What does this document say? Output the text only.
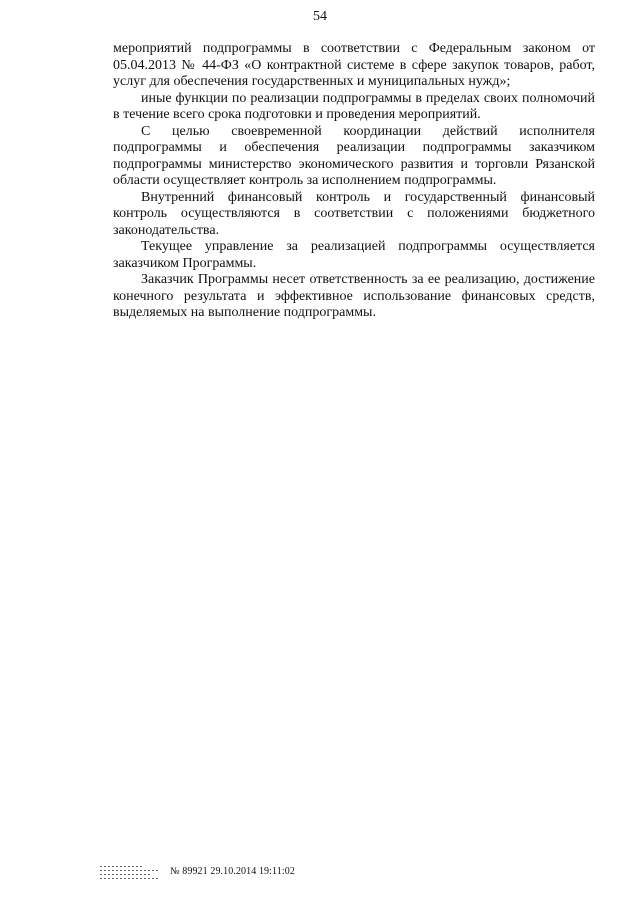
54

мероприятий подпрограммы в соответствии с Федеральным законом от 05.04.2013 № 44-ФЗ «О контрактной системе в сфере закупок товаров, работ, услуг для обеспечения государственных и муниципальных нужд»;

иные функции по реализации подпрограммы в пределах своих полномочий в течение всего срока подготовки и проведения мероприятий.

С целью своевременной координации действий исполнителя подпрограммы и обеспечения реализации подпрограммы заказчиком подпрограммы министерство экономического развития и торговли Рязанской области осуществляет контроль за исполнением подпрограммы.

Внутренний финансовый контроль и государственный финансовый контроль осуществляются в соответствии с положениями бюджетного законодательства.

Текущее управление за реализацией подпрограммы осуществляется заказчиком Программы.

Заказчик Программы несет ответственность за ее реализацию, достижение конечного результата и эффективное использование финансовых средств, выделяемых на выполнение подпрограммы.

№ 89921 29.10.2014 19:11:02
